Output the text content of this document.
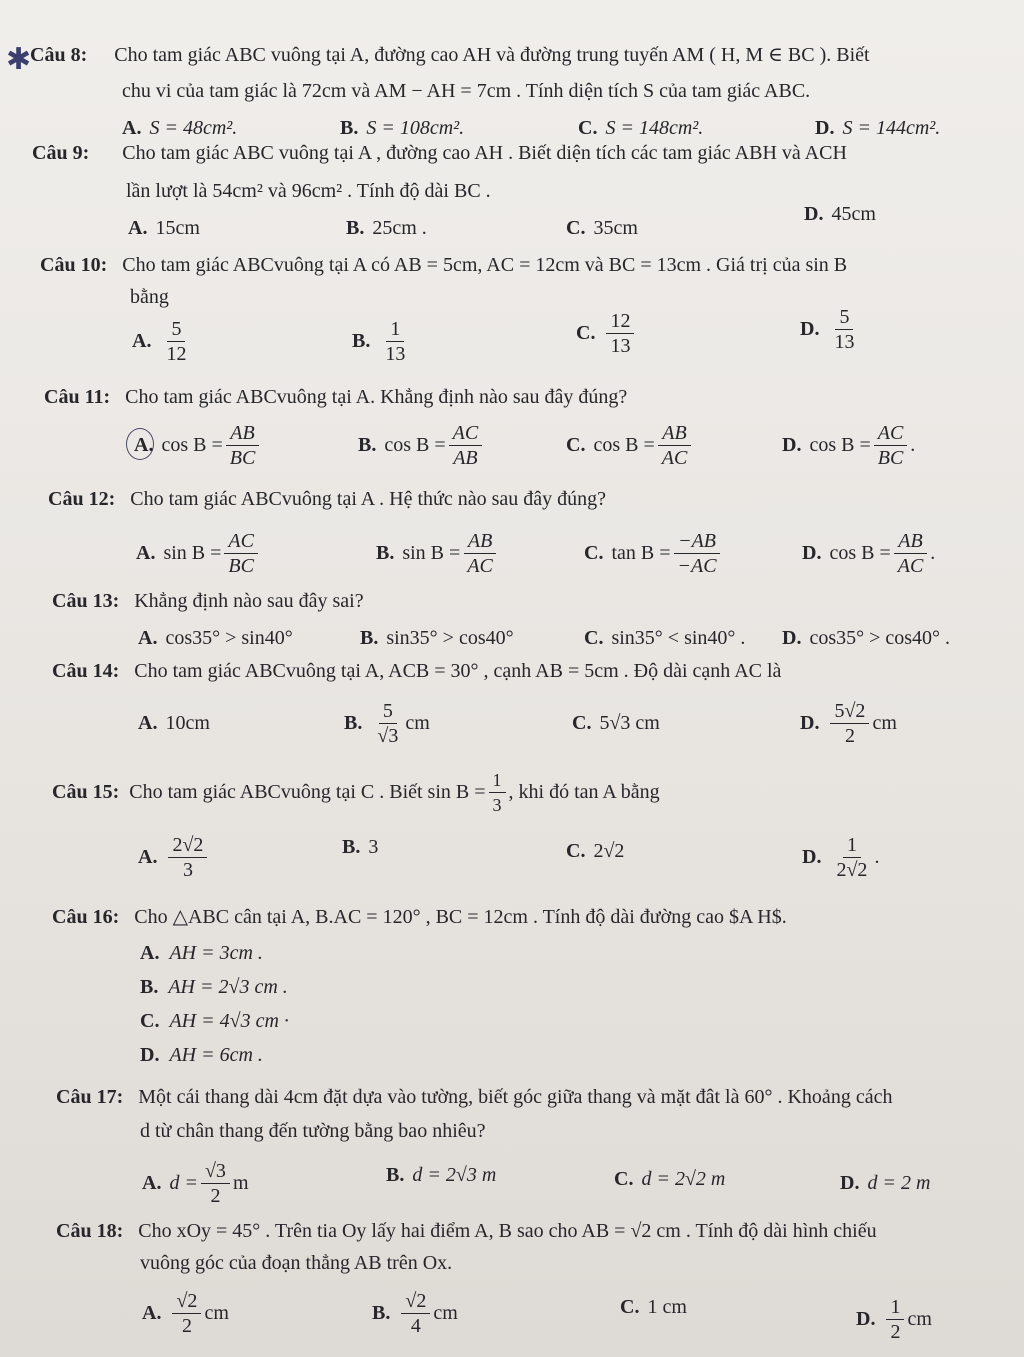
✱
Câu 8: Cho tam giác ABC vuông tại A, đường cao AH và đường trung tuyến AM ( H, M ∈ BC ). Biết
chu vi của tam giác là 72cm và AM − AH = 7cm . Tính diện tích S của tam giác ABC.
A. S = 48cm².	B. S = 108cm².	C. S = 148cm².	D. S = 144cm².
Câu 9: Cho tam giác ABC vuông tại A , đường cao AH . Biết diện tích các tam giác ABH và ACH
lần lượt là 54cm² và 96cm² . Tính độ dài BC .
A. 15cm	B. 25cm .	C. 35cm
D. 45cm
Câu 10: Cho tam giác ABCvuông tại A có AB = 5cm, AC = 12cm và BC = 13cm . Giá trị của sin B
bằng
A. $\frac{5}{12}$	B. $\frac{1}{13}$	C. $\frac{12}{13}$	D. $\frac{5}{13}$
Câu 11: Cho tam giác ABCvuông tại A. Khẳng định nào sau đây đúng?
A. $\cos B = \frac{AB}{BC}$	B. $\cos B = \frac{AC}{AB}$	C. $\cos B = \frac{AB}{AC}$	D. $\cos B = \frac{AC}{BC}$ .
Câu 12: Cho tam giác ABCvuông tại A . Hệ thức nào sau đây đúng?
A. $\sin B = \frac{AC}{BC}$	B. $\sin B = \frac{AB}{AC}$	C. $\tan B = \frac{-AB}{-AC}$	D. $\cos B = \frac{AB}{AC}$ .
Câu 13: Khẳng định nào sau đây sai?
A. cos35° > sin40°	B. sin35° > cos40°	C. sin35° < sin40° . D. cos35° > cos40° .
Câu 14: Cho tam giác ABCvuông tại A, ACB = 30° , cạnh AB = 5cm . Độ dài cạnh AC là
A. 10cm	B. $\frac{5}{√3}$ cm	C. 5√3 cm	D. $\frac{5√2}{2}$ cm
Câu 15: Cho tam giác ABCvuông tại C . Biết $\sin B = \frac{1}{3}$ , khi đó tan A bằng
A. $\frac{2√2}{3}$	B. 3	C. 2√2	D. $\frac{1}{2√2}$ .
Câu 16: Cho △ABC cân tại A, B.AC = 120° , BC = 12cm . Tính độ dài đường cao $A H$.
A. AH = 3cm .
B. AH = 2√3 cm .
C. AH = 4√3 cm ·
D. AH = 6cm .
Câu 17: Một cái thang dài 4cm đặt dựa vào tường, biết góc giữa thang và mặt đât là 60° . Khoảng cách
d từ chân thang đến tường bằng bao nhiêu?
A. $d = \frac{√3}{2}$ m	B. d = 2√3 m	C. d = 2√2 m	D. d = 2 m
Câu 18: Cho xOy = 45° . Trên tia Oy lấy hai điểm A, B sao cho AB = √2 cm . Tính độ dài hình chiếu
vuông góc của đoạn thẳng AB trên Ox.
A. $\frac{√2}{2}$ cm	B. $\frac{√2}{4}$ cm	C. 1 cm
D. $\frac{1}{2}$ cm
